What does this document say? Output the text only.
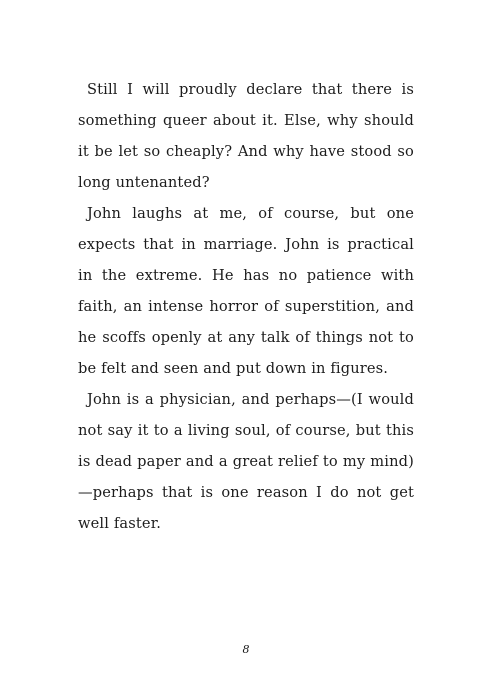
Still I will proudly declare that there is something queer about it. Else, why should it be let so cheaply? And why have stood so long untenanted?

John laughs at me, of course, but one expects that in marriage. John is practical in the extreme. He has no patience with faith, an intense horror of superstition, and he scoffs openly at any talk of things not to be felt and seen and put down in figures.

John is a physician, and perhaps—(I would not say it to a living soul, of course, but this is dead paper and a great relief to my mind)—perhaps that is one reason I do not get well faster.

8
